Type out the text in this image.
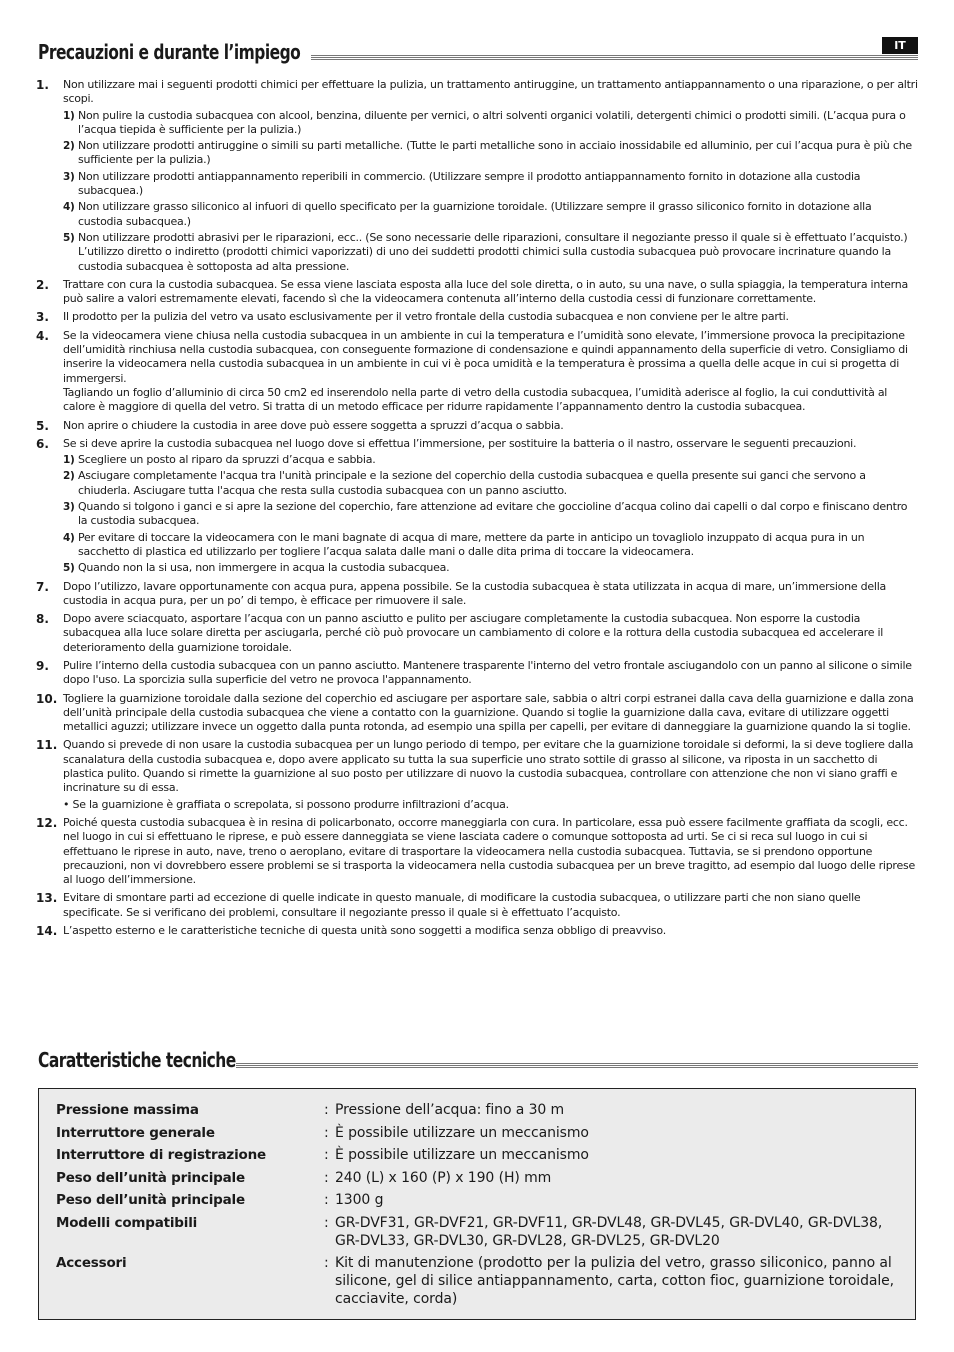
IT
Precauzioni e durante l’impiego
1.	Non utilizzare mai i seguenti prodotti chimici per effettuare la pulizia, un trattamento antiruggine, un trattamento antiappannamento o una riparazione, o per altri scopi.
1) Non pulire la custodia subacquea con alcool, benzina, diluente per vernici, o altri solventi organici volatili, detergenti chimici o prodotti simili. (L’acqua pura o l’acqua tiepida è sufficiente per la pulizia.)
2) Non utilizzare prodotti antiruggine o simili su parti metalliche. (Tutte le parti metalliche sono in acciaio inossidabile ed alluminio, per cui l’acqua pura è più che sufficiente per la pulizia.)
3) Non utilizzare prodotti antiappannamento reperibili in commercio. (Utilizzare sempre il prodotto antiappannamento fornito in dotazione alla custodia subacquea.)
4) Non utilizzare grasso siliconico al infuori di quello specificato per la guarnizione toroidale. (Utilizzare sempre il grasso siliconico fornito in dotazione alla custodia subacquea.)
5) Non utilizzare prodotti abrasivi per le riparazioni, ecc.. (Se sono necessarie delle riparazioni, consultare il negoziante presso il quale si è effettuato l’acquisto.) L’utilizzo diretto o indiretto (prodotti chimici vaporizzati) di uno dei suddetti prodotti chimici sulla custodia subacquea può provocare incrinature quando la custodia subacquea è sottoposta ad alta pressione.
2.	Trattare con cura la custodia subacquea. Se essa viene lasciata esposta alla luce del sole diretta, o in auto, su una nave, o sulla spiaggia, la temperatura interna può salire a valori estremamente elevati, facendo sì che la videocamera contenuta all’interno della custodia cessi di funzionare correttamente.
3.	Il prodotto per la pulizia del vetro va usato esclusivamente per il vetro frontale della custodia subacquea e non conviene per le altre parti.
4.	Se la videocamera viene chiusa nella custodia subacquea in un ambiente in cui la temperatura e l’umidità sono elevate, l’immersione provoca la precipitazione dell’umidità rinchiusa nella custodia subacquea, con conseguente formazione di condensazione e quindi appannamento della superficie di vetro. Consigliamo di inserire la videocamera nella custodia subacquea in un ambiente in cui vi è poca umidità e la temperatura è prossima a quella delle acque in cui si progetta di immergersi.
Tagliando un foglio d’alluminio di circa 50 cm2 ed inserendolo nella parte di vetro della custodia subacquea, l’umidità aderisce al foglio, la cui conduttività al calore è maggiore di quella del vetro. Si tratta di un metodo efficace per ridurre rapidamente l’appannamento dentro la custodia subacquea.
5.	Non aprire o chiudere la custodia in aree dove può essere soggetta a spruzzi d’acqua o sabbia.
6.	Se si deve aprire la custodia subacquea nel luogo dove si effettua l’immersione, per sostituire la batteria o il nastro, osservare le seguenti precauzioni.
1) Scegliere un posto al riparo da spruzzi d’acqua e sabbia.
2) Asciugare completamente l'acqua tra l'unità principale e la sezione del coperchio della custodia subacquea e quella presente sui ganci che servono a chiuderla. Asciugare tutta l'acqua che resta sulla custodia subacquea con un panno asciutto.
3) Quando si tolgono i ganci e si apre la sezione del coperchio, fare attenzione ad evitare che goccioline d’acqua colino dai capelli o dal corpo e finiscano dentro la custodia subacquea.
4) Per evitare di toccare la videocamera con le mani bagnate di acqua di mare, mettere da parte in anticipo un tovagliolo inzuppato di acqua pura in un sacchetto di plastica ed utilizzarlo per togliere l’acqua salata dalle mani o dalle dita prima di toccare la videocamera.
5) Quando non la si usa, non immergere in acqua la custodia subacquea.
7.	Dopo l’utilizzo, lavare opportunamente con acqua pura, appena possibile. Se la custodia subacquea è stata utilizzata in acqua di mare, un’immersione della custodia in acqua pura, per un po’ di tempo, è efficace per rimuovere il sale.
8.	Dopo avere sciacquato, asportare l’acqua con un panno asciutto e pulito per asciugare completamente la custodia subacquea. Non esporre la custodia subacquea alla luce solare diretta per asciugarla, perché ciò può provocare un cambiamento di colore e la rottura della custodia subacquea ed accelerare il deterioramento della guarnizione toroidale.
9.	Pulire l’interno della custodia subacquea con un panno asciutto. Mantenere trasparente l'interno del vetro frontale asciugandolo con un panno al silicone o simile dopo l'uso. La sporcizia sulla superficie del vetro ne provoca l'appannamento.
10. Togliere la guarnizione toroidale dalla sezione del coperchio ed asciugare per asportare sale, sabbia o altri corpi estranei dalla cava della guarnizione e dalla zona dell’unità principale della custodia subacquea che viene a contatto con la guarnizione. Quando si toglie la guarnizione dalla cava, evitare di utilizzare oggetti metallici aguzzi; utilizzare invece un oggetto dalla punta rotonda, ad esempio una spilla per capelli, per evitare di danneggiare la guarnizione quando la si toglie.
11. Quando si prevede di non usare la custodia subacquea per un lungo periodo di tempo, per evitare che la guarnizione toroidale si deformi, la si deve togliere dalla scanalatura della custodia subacquea e, dopo avere applicato su tutta la sua superficie uno strato sottile di grasso al silicone, va riposta in un sacchetto di plastica pulito. Quando si rimette la guarnizione al suo posto per utilizzare di nuovo la custodia subacquea, controllare con attenzione che non vi siano graffi e incrinature su di essa.
• Se la guarnizione è graffiata o screpolata, si possono produrre infiltrazioni d’acqua.
12. Poiché questa custodia subacquea è in resina di policarbonato, occorre maneggiarla con cura. In particolare, essa può essere facilmente graffiata da scogli, ecc. nel luogo in cui si effettuano le riprese, e può essere danneggiata se viene lasciata cadere o comunque sottoposta ad urti. Se ci si reca sul luogo in cui si effettuano le riprese in auto, nave, treno o aeroplano, evitare di trasportare la videocamera nella custodia subacquea. Tuttavia, se si prendono opportune precauzioni, non vi dovrebbero essere problemi se si trasporta la videocamera nella custodia subacquea per un breve tragitto, ad esempio dal luogo delle riprese al luogo dell’immersione.
13. Evitare di smontare parti ad eccezione di quelle indicate in questo manuale, di modificare la custodia subacquea, o utilizzare parti che non siano quelle specificate. Se si verificano dei problemi, consultare il negoziante presso il quale si è effettuato l’acquisto.
14. L’aspetto esterno e le caratteristiche tecniche di questa unità sono soggetti a modifica senza obbligo di preavviso.
Caratteristiche tecniche
Pressione massima	: Pressione dell’acqua: fino a 30 m
Interruttore generale	: È possibile utilizzare un meccanismo
Interruttore di registrazione	: È possibile utilizzare un meccanismo
Peso dell’unità principale	: 240 (L) x 160 (P) x 190 (H) mm
Peso dell’unità principale	: 1300 g
Modelli compatibili	: GR-DVF31, GR-DVF21, GR-DVF11, GR-DVL48, GR-DVL45, GR-DVL40, GR-DVL38, GR-DVL33, GR-DVL30, GR-DVL28, GR-DVL25, GR-DVL20
Accessori	: Kit di manutenzione (prodotto per la pulizia del vetro, grasso siliconico, panno al silicone, gel di silice antiappannamento, carta, cotton fioc, guarnizione toroidale, cacciavite, corda)
